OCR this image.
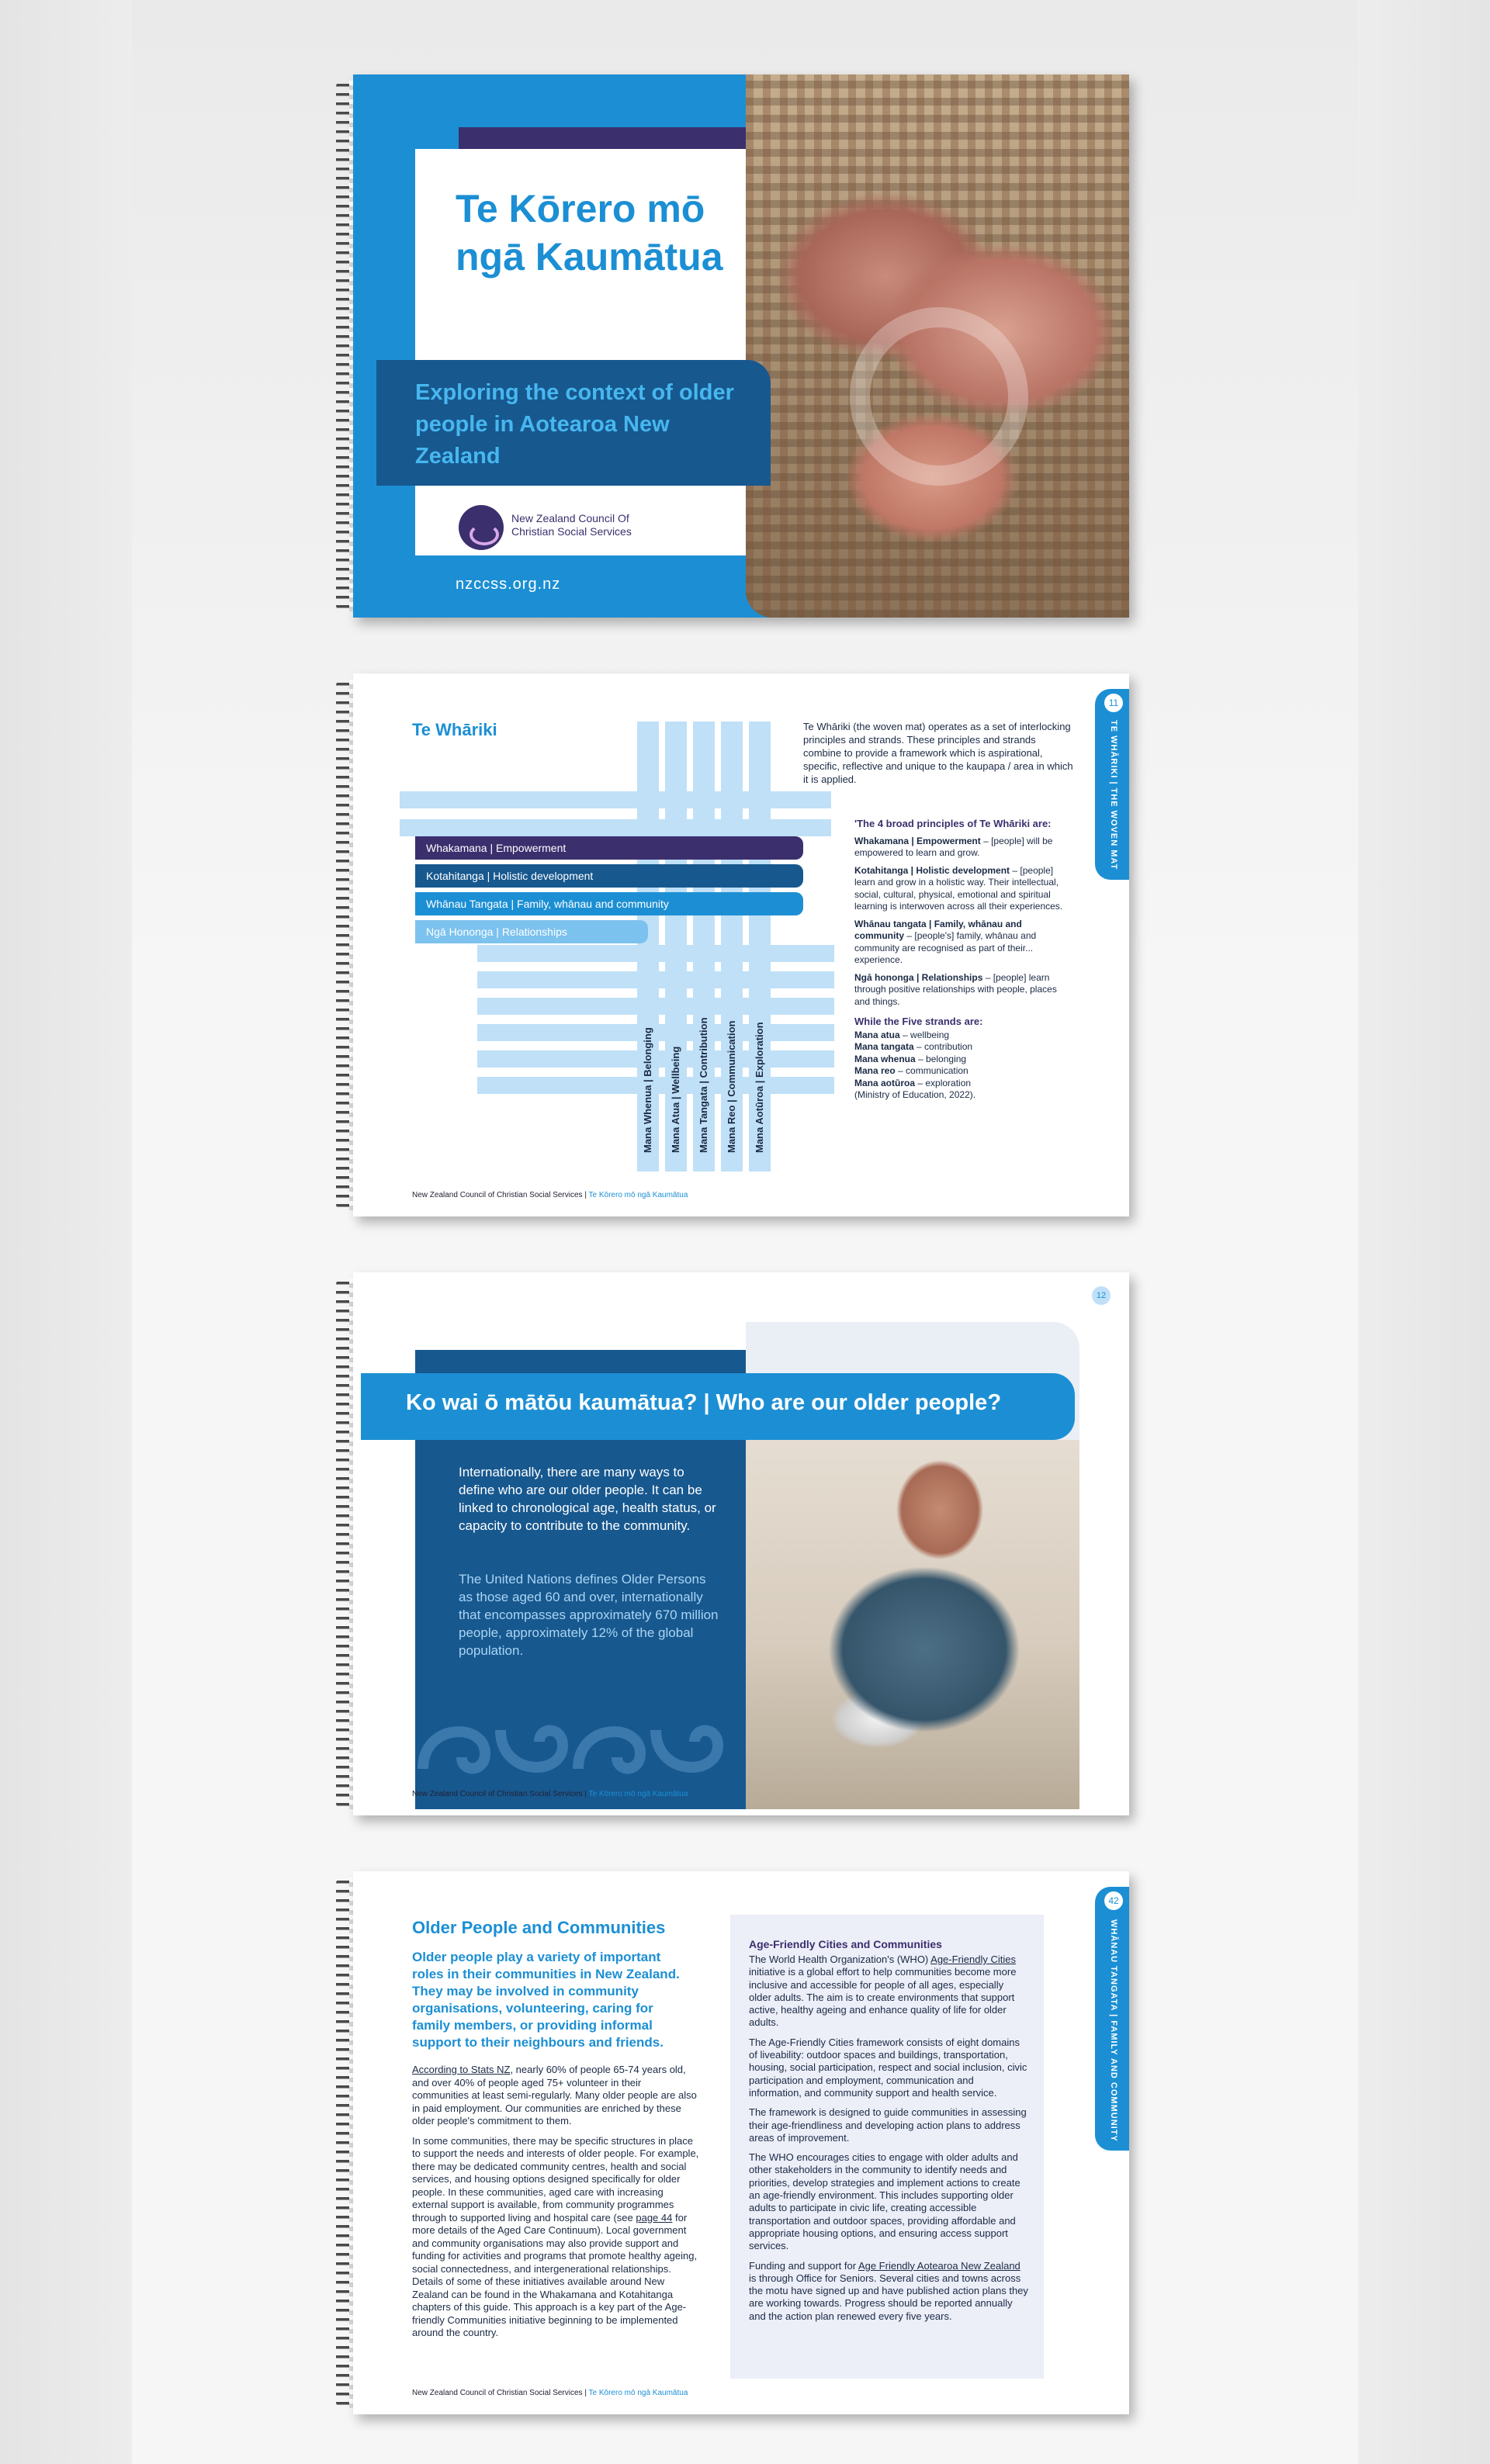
Te Kōrero mō ngā Kaumātua
Exploring the context of older people in Aotearoa New Zealand
New Zealand Council Of Christian Social Services
nzccss.org.nz
11
TE WHĀRIKI | THE WOVEN MAT
Te Whāriki
Whakamana | Empowerment
Kotahitanga | Holistic development
Whānau Tangata | Family, whānau and community
Ngā Hononga | Relationships
Mana Whenua | Belonging Mana Atua | Wellbeing Mana Tangata | Contribution Mana Reo | Communication Mana Aotūroa | Exploration
Te Whāriki (the woven mat) operates as a set of interlocking principles and strands. These principles and strands combine to provide a framework which is aspirational, specific, reflective and unique to the kaupapa / area in which it is applied.

'The 4 broad principles of Te Whāriki are:

Whakamana | Empowerment – [people] will be empowered to learn and grow.

Kotahitanga | Holistic development – [people] learn and grow in a holistic way. Their intellectual, social, cultural, physical, emotional and spiritual learning is interwoven across all their experiences.

Whānau tangata | Family, whānau and community – [people's] family, whānau and community are recognised as part of their... experience.

Ngā hononga | Relationships – [people] learn through positive relationships with people, places and things.

While the Five strands are:

Mana atua – wellbeing
Mana tangata – contribution
Mana whenua – belonging
Mana reo – communication
Mana aotūroa – exploration
(Ministry of Education, 2022).
New Zealand Council of Christian Social Services | Te Kōrero mō ngā Kaumātua
12
Ko wai ō mātōu kaumātua? | Who are our older people?
Internationally, there are many ways to define who are our older people. It can be linked to chronological age, health status, or capacity to contribute to the community.
The United Nations defines Older Persons as those aged 60 and over, internationally that encompasses approximately 670 million people, approximately 12% of the global population.
New Zealand Council of Christian Social Services | Te Kōrero mō ngā Kaumātua
42
WHĀNAU TANGATA | FAMILY AND COMMUNITY
Older People and Communities
Older people play a variety of important roles in their communities in New Zealand. They may be involved in community organisations, volunteering, caring for family members, or providing informal support to their neighbours and friends.

According to Stats NZ, nearly 60% of people 65-74 years old, and over 40% of people aged 75+ volunteer in their communities at least semi-regularly. Many older people are also in paid employment. Our communities are enriched by these older people's commitment to them.

In some communities, there may be specific structures in place to support the needs and interests of older people. For example, there may be dedicated community centres, health and social services, and housing options designed specifically for older people. In these communities, aged care with increasing external support is available, from community programmes through to supported living and hospital care (see page 44 for more details of the Aged Care Continuum). Local government and community organisations may also provide support and funding for activities and programs that promote healthy ageing, social connectedness, and intergenerational relationships. Details of some of these initiatives available around New Zealand can be found in the Whakamana and Kotahitanga chapters of this guide. This approach is a key part of the Age-friendly Communities initiative beginning to be implemented around the country.

Age-Friendly Cities and Communities

The World Health Organization's (WHO) Age-Friendly Cities initiative is a global effort to help communities become more inclusive and accessible for people of all ages, especially older adults. The aim is to create environments that support active, healthy ageing and enhance quality of life for older adults.

The Age-Friendly Cities framework consists of eight domains of liveability: outdoor spaces and buildings, transportation, housing, social participation, respect and social inclusion, civic participation and employment, communication and information, and community support and health service.

The framework is designed to guide communities in assessing their age-friendliness and developing action plans to address areas of improvement.

The WHO encourages cities to engage with older adults and other stakeholders in the community to identify needs and priorities, develop strategies and implement actions to create an age-friendly environment. This includes supporting older adults to participate in civic life, creating accessible transportation and outdoor spaces, providing affordable and appropriate housing options, and ensuring access support services.

Funding and support for Age Friendly Aotearoa New Zealand is through Office for Seniors. Several cities and towns across the motu have signed up and have published action plans they are working towards. Progress should be reported annually and the action plan renewed every five years.

New Zealand Council of Christian Social Services | Te Kōrero mō ngā Kaumātua
